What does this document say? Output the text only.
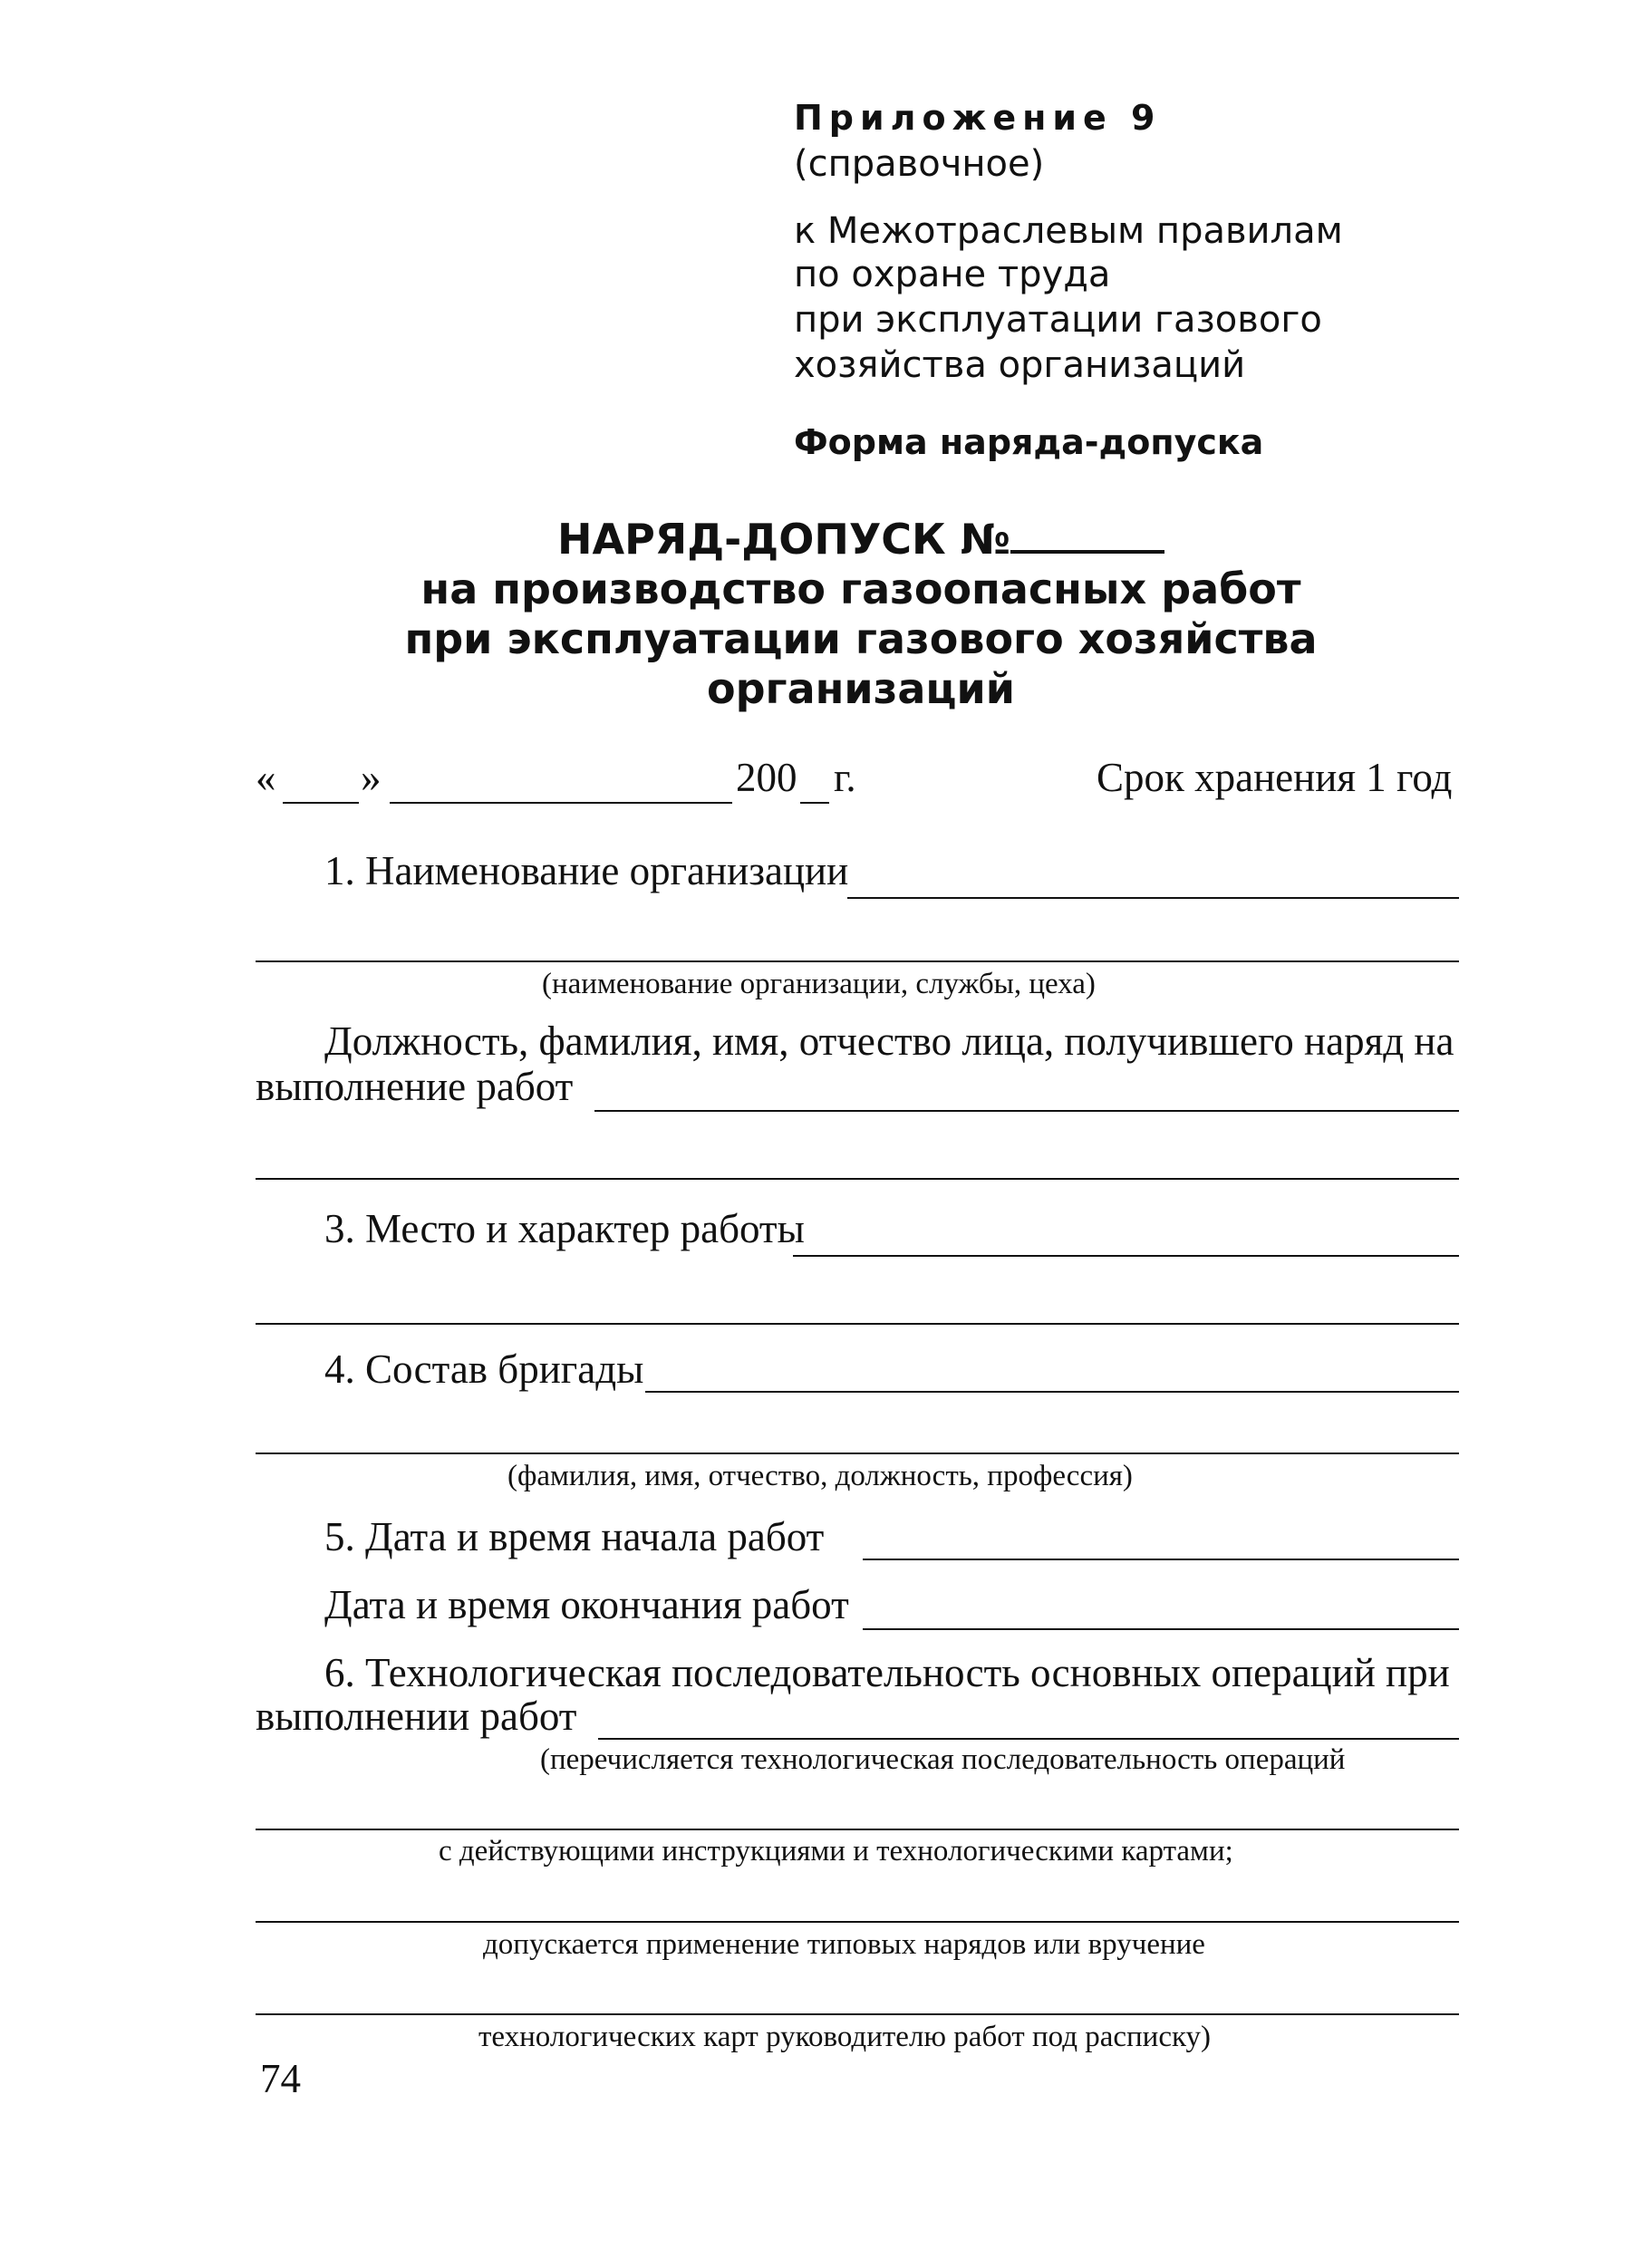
Приложение 9
(справочное)
к Межотраслевым правилам
по охране труда
при эксплуатации газового
хозяйства организаций
Форма наряда-допуска
НАРЯД-ДОПУСК №
на производство газоопасных работ
при эксплуатации газового хозяйства
организаций
« »	200 г.	Срок хранения 1 год
1. Наименование организации
(наименование организации, службы, цеха)
Должность, фамилия, имя, отчество лица, получившего наряд на
выполнение работ
3. Место и характер работы
4. Состав бригады
(фамилия, имя, отчество, должность, профессия)
5. Дата и время начала работ
Дата и время окончания работ
6. Технологическая последовательность основных операций при
выполнении работ
(перечисляется технологическая последовательность операций
с действующими инструкциями и технологическими картами;
допускается применение типовых нарядов или вручение
технологических карт руководителю работ под расписку)
74
